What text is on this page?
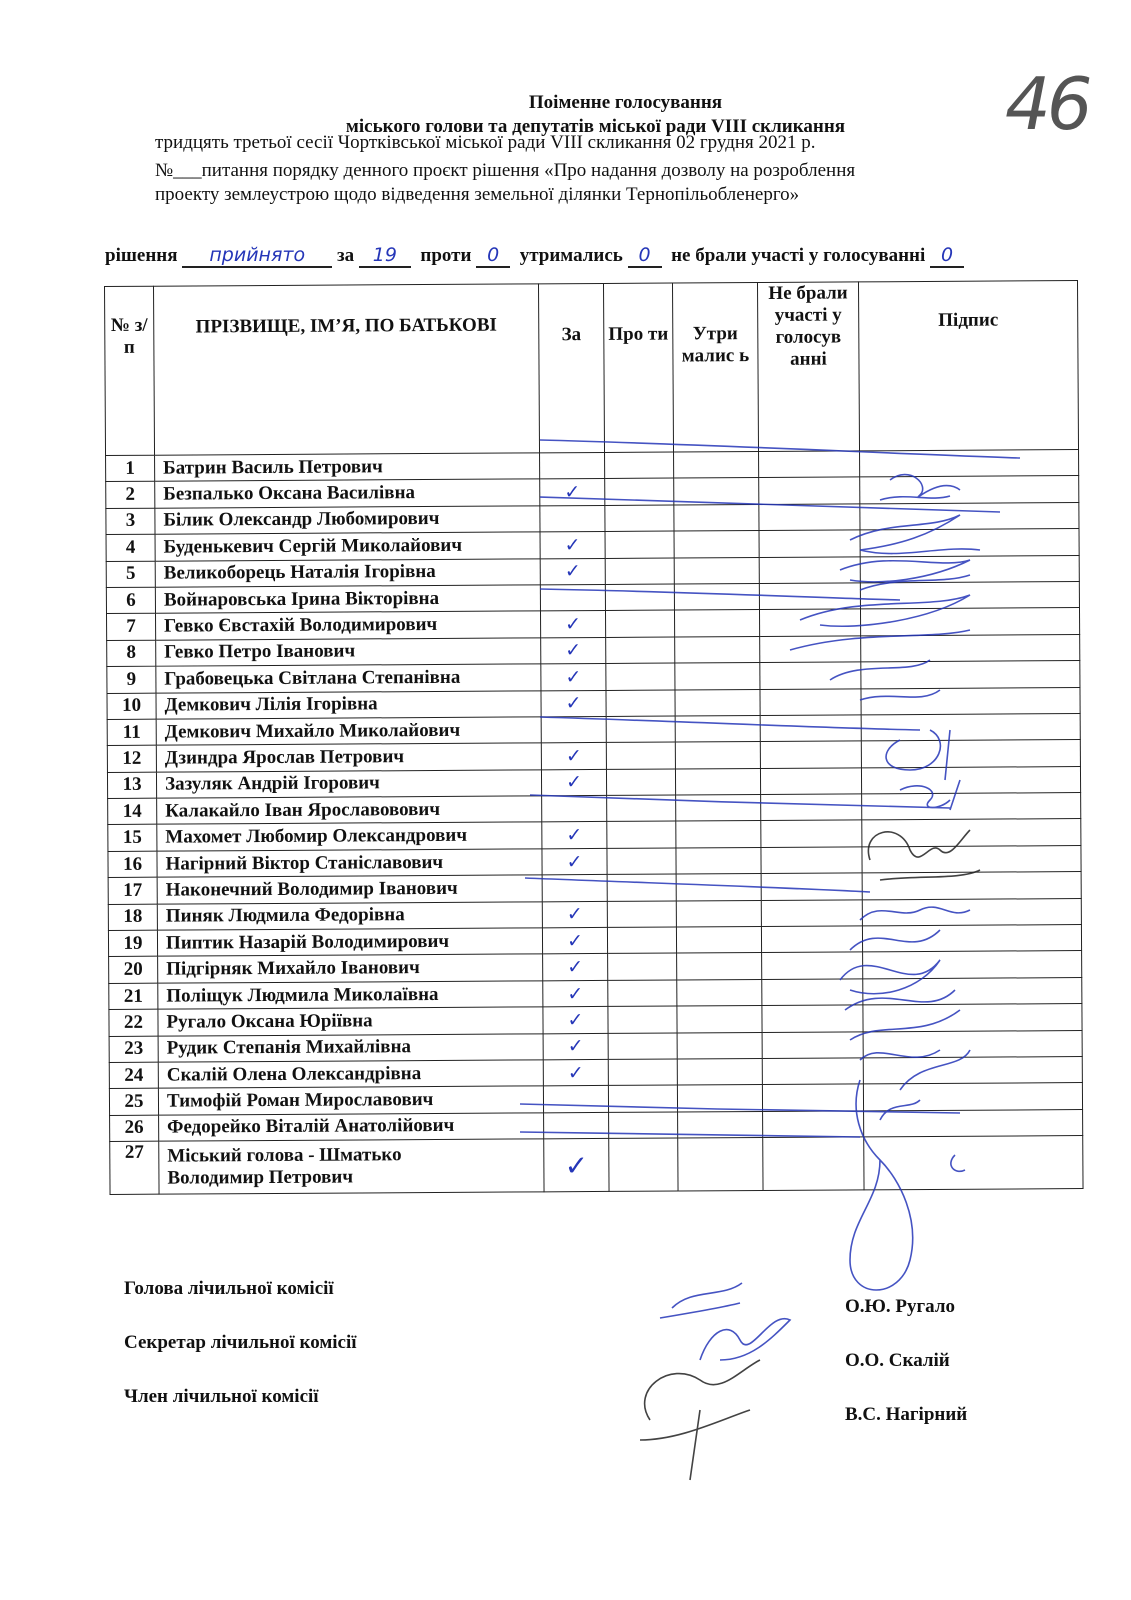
46
Поіменне голосування
міського голови та депутатів міської ради VIII скликання
тридцять третьої сесії Чортківської міської ради VIII скликання 02 грудня 2021 р.
№___питання порядку денного проєкт рішення «Про надання дозволу на розроблення
проекту землеустрою щодо відведення земельної ділянки Тернопільобленерго»
рішення прийнято за 19 проти 0 утримались 0 не брали участі у голосуванні 0
№ з/п	ПРІЗВИЩЕ, ІМ’Я, ПО БАТЬКОВІ	За	Про ти	Утри малис ь	Не брали участі у голосув анні	Підпис
1	Батрин Василь Петрович					
2	Безпалько Оксана Василівна	✓				
3	Білик Олександр Любомирович					
4	Буденькевич Сергій Миколайович	✓				
5	Великоборець Наталія Ігорівна	✓				
6	Войнаровська Ірина Вікторівна					
7	Гевко Євстахій Володимирович	✓				
8	Гевко Петро Іванович	✓				
9	Грабовецька Світлана Степанівна	✓				
10	Демкович Лілія Ігорівна	✓				
11	Демкович Михайло Миколайович					
12	Дзиндра Ярослав Петрович	✓				
13	Зазуляк Андрій Ігорович	✓				
14	Калакайло Іван Ярославовович					
15	Махомет Любомир Олександрович	✓				
16	Нагірний Віктор Станіславович	✓				
17	Наконечний Володимир Іванович					
18	Пиняк Людмила Федорівна	✓				
19	Пиптик Назарій Володимирович	✓				
20	Підгірняк Михайло Іванович	✓				
21	Поліщук Людмила Миколаївна	✓				
22	Ругало Оксана Юріївна	✓				
23	Рудик Степанія Михайлівна	✓				
24	Скалій Олена Олександрівна	✓				
25	Тимофій Роман Мирославович					
26	Федорейко Віталій Анатолійович					
27	Міський голова - Шматько
Володимир Петрович	✓				
Голова лічильної комісії
Секретар лічильної комісії
Член лічильної комісії
О.Ю. Ругало
О.О. Скалій
В.С. Нагірний
